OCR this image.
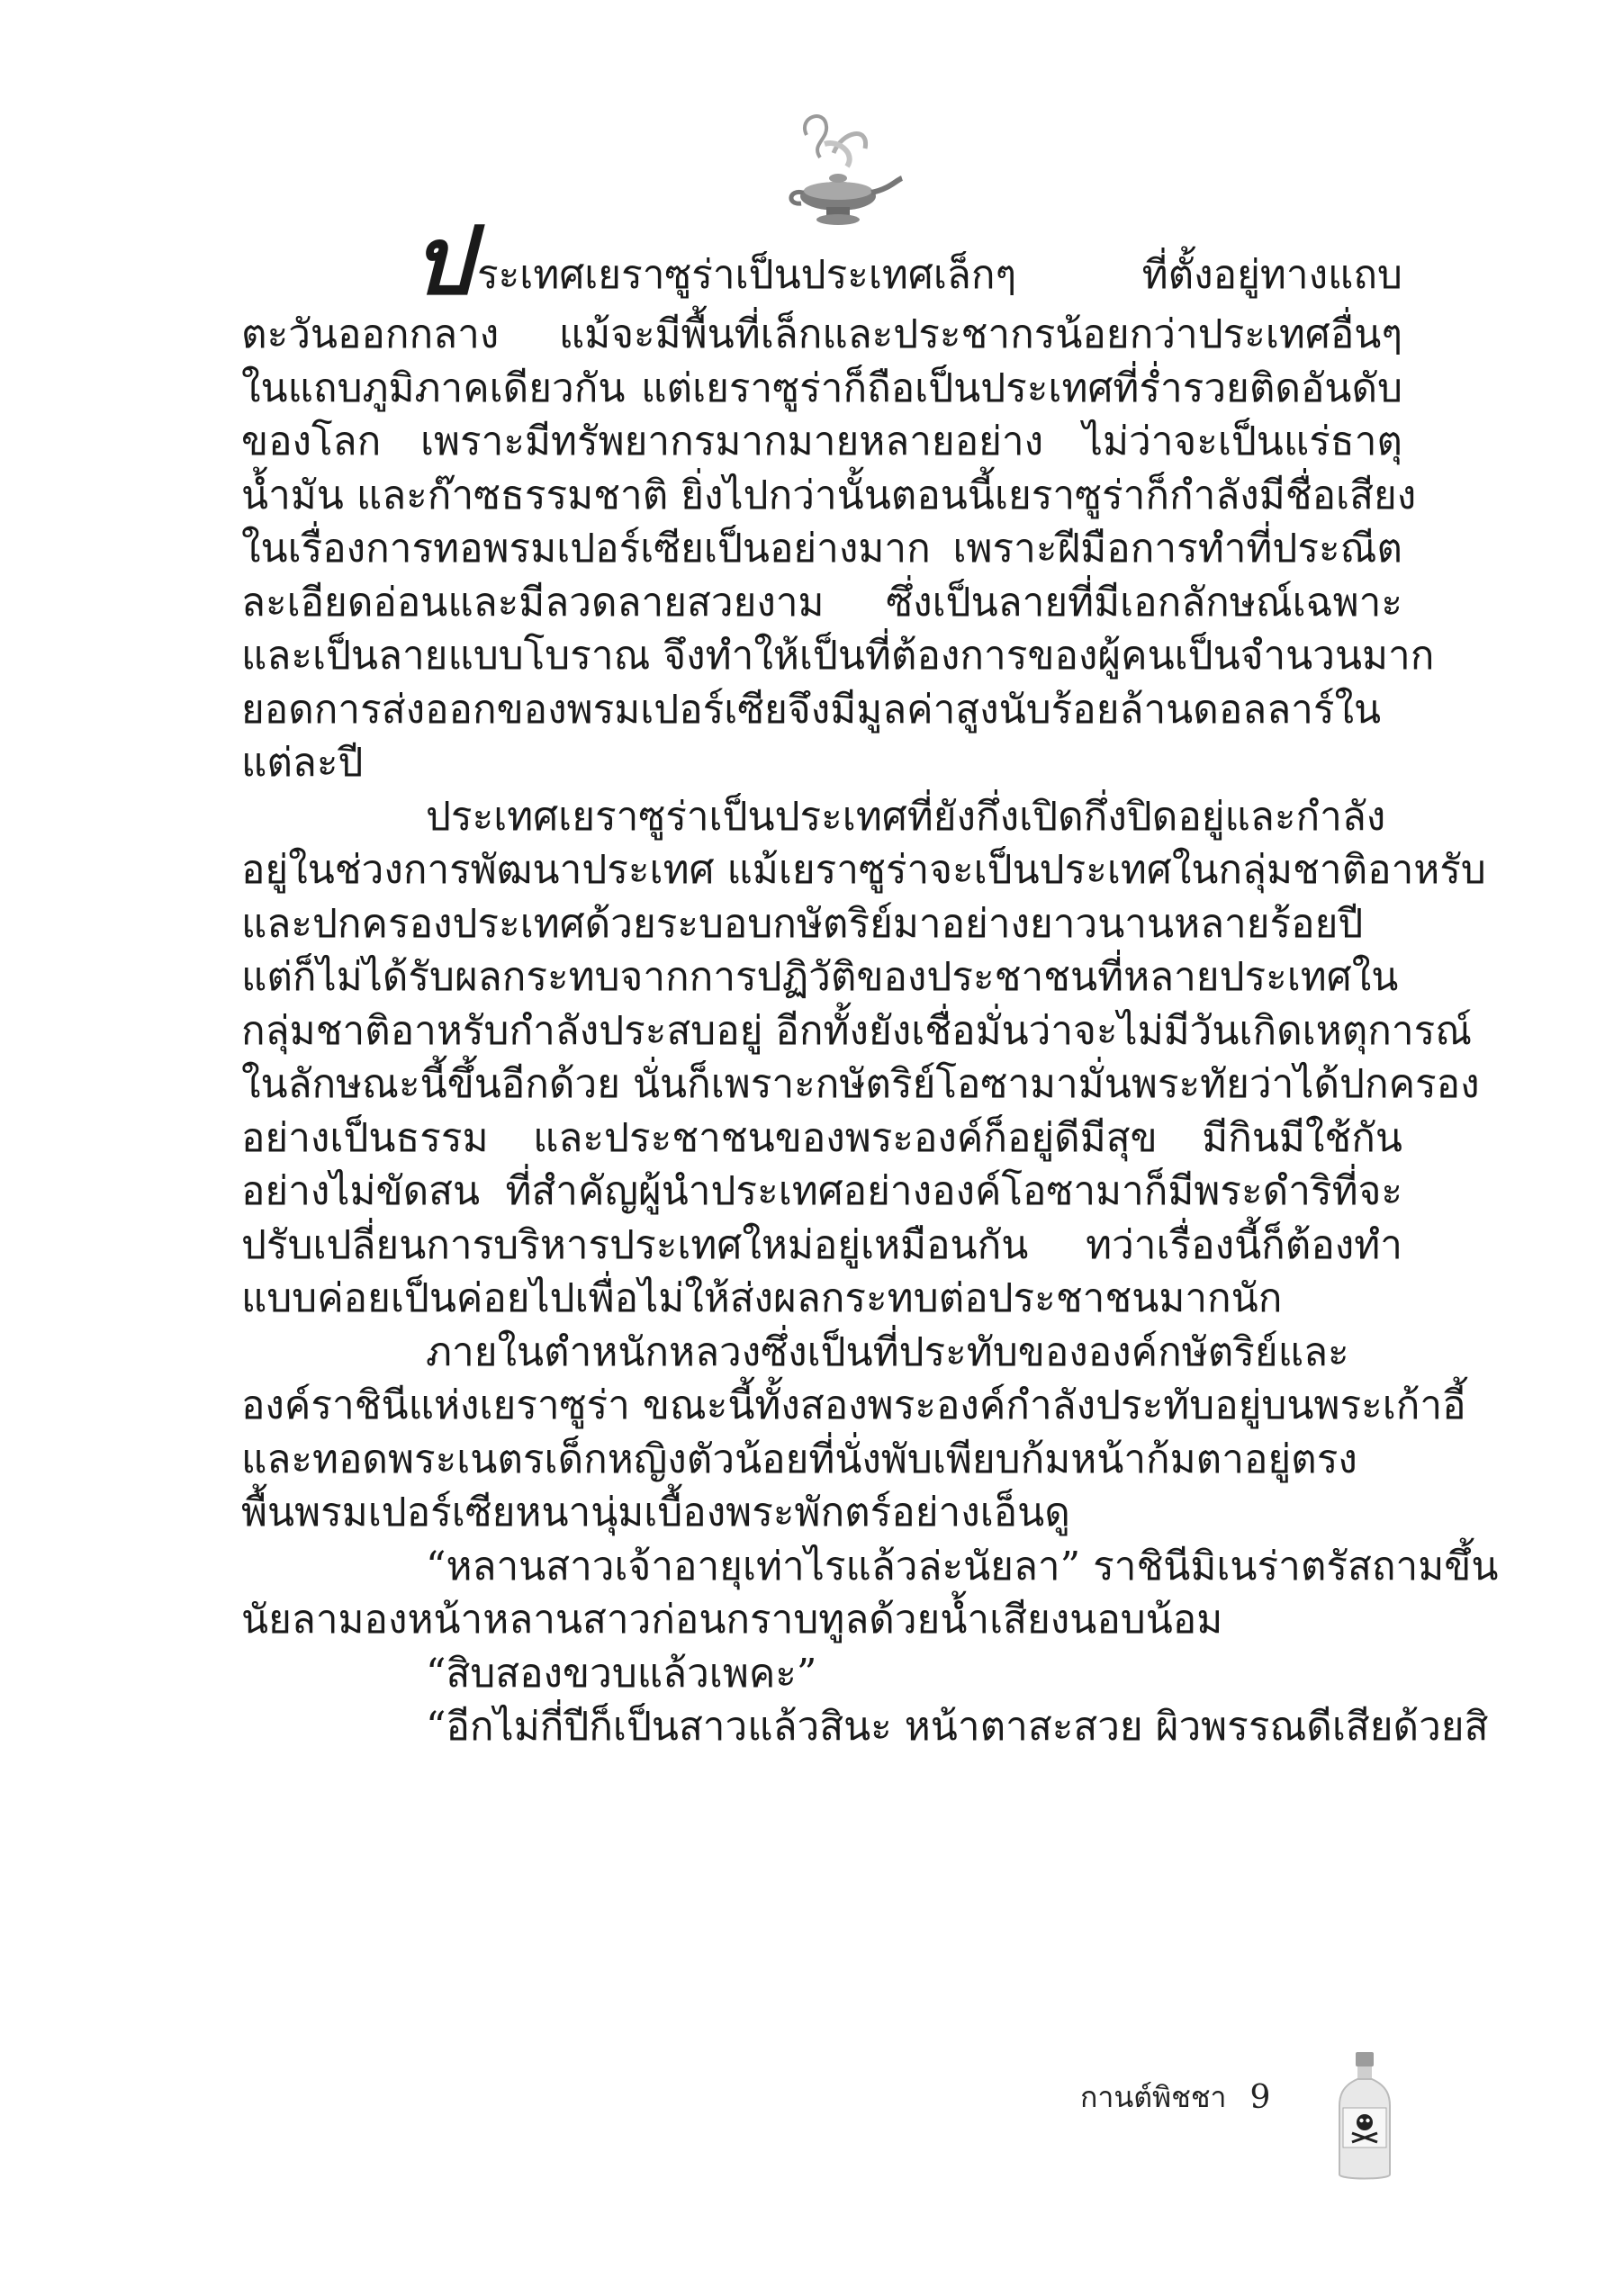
ประเทศเยราซูร่าเป็นประเทศเล็กๆ ที่ตั้งอยู่ทางแถบ
ตะวันออกกลาง แม้จะมีพื้นที่เล็กและประชากรน้อยกว่าประเทศอื่นๆ
ในแถบภูมิภาคเดียวกัน แต่เยราซูร่าก็ถือเป็นประเทศที่ร่ำรวยติดอันดับ
ของโลก เพราะมีทรัพยากรมากมายหลายอย่าง ไม่ว่าจะเป็นแร่ธาตุ
น้ำมัน และก๊าซธรรมชาติ ยิ่งไปกว่านั้นตอนนี้เยราซูร่าก็กำลังมีชื่อเสียง
ในเรื่องการทอพรมเปอร์เซียเป็นอย่างมาก เพราะฝีมือการทำที่ประณีต
ละเอียดอ่อนและมีลวดลายสวยงาม ซึ่งเป็นลายที่มีเอกลักษณ์เฉพาะ
และเป็นลายแบบโบราณ จึงทำให้เป็นที่ต้องการของผู้คนเป็นจำนวนมาก
ยอดการส่งออกของพรมเปอร์เซียจึงมีมูลค่าสูงนับร้อยล้านดอลลาร์ใน
แต่ละปี
ประเทศเยราซูร่าเป็นประเทศที่ยังกึ่งเปิดกึ่งปิดอยู่และกำลัง
อยู่ในช่วงการพัฒนาประเทศ แม้เยราซูร่าจะเป็นประเทศในกลุ่มชาติอาหรับ
และปกครองประเทศด้วยระบอบกษัตริย์มาอย่างยาวนานหลายร้อยปี
แต่ก็ไม่ได้รับผลกระทบจากการปฏิวัติของประชาชนที่หลายประเทศใน
กลุ่มชาติอาหรับกำลังประสบอยู่ อีกทั้งยังเชื่อมั่นว่าจะไม่มีวันเกิดเหตุการณ์
ในลักษณะนี้ขึ้นอีกด้วย นั่นก็เพราะกษัตริย์โอซามามั่นพระทัยว่าได้ปกครอง
อย่างเป็นธรรม และประชาชนของพระองค์ก็อยู่ดีมีสุข มีกินมีใช้กัน
อย่างไม่ขัดสน ที่สำคัญผู้นำประเทศอย่างองค์โอซามาก็มีพระดำริที่จะ
ปรับเปลี่ยนการบริหารประเทศใหม่อยู่เหมือนกัน ทว่าเรื่องนี้ก็ต้องทำ
แบบค่อยเป็นค่อยไปเพื่อไม่ให้ส่งผลกระทบต่อประชาชนมากนัก
ภายในตำหนักหลวงซึ่งเป็นที่ประทับขององค์กษัตริย์และ
องค์ราชินีแห่งเยราซูร่า ขณะนี้ทั้งสองพระองค์กำลังประทับอยู่บนพระเก้าอี้
และทอดพระเนตรเด็กหญิงตัวน้อยที่นั่งพับเพียบก้มหน้าก้มตาอยู่ตรง
พื้นพรมเปอร์เซียหนานุ่มเบื้องพระพักตร์อย่างเอ็นดู
“หลานสาวเจ้าอายุเท่าไรแล้วล่ะนัยลา” ราชินีมิเนร่าตรัสถามขึ้น
นัยลามองหน้าหลานสาวก่อนกราบทูลด้วยน้ำเสียงนอบน้อม
“สิบสองขวบแล้วเพคะ”
“อีกไม่กี่ปีก็เป็นสาวแล้วสินะ หน้าตาสะสวย ผิวพรรณดีเสียด้วยสิ
กานต์พิชชา 9
